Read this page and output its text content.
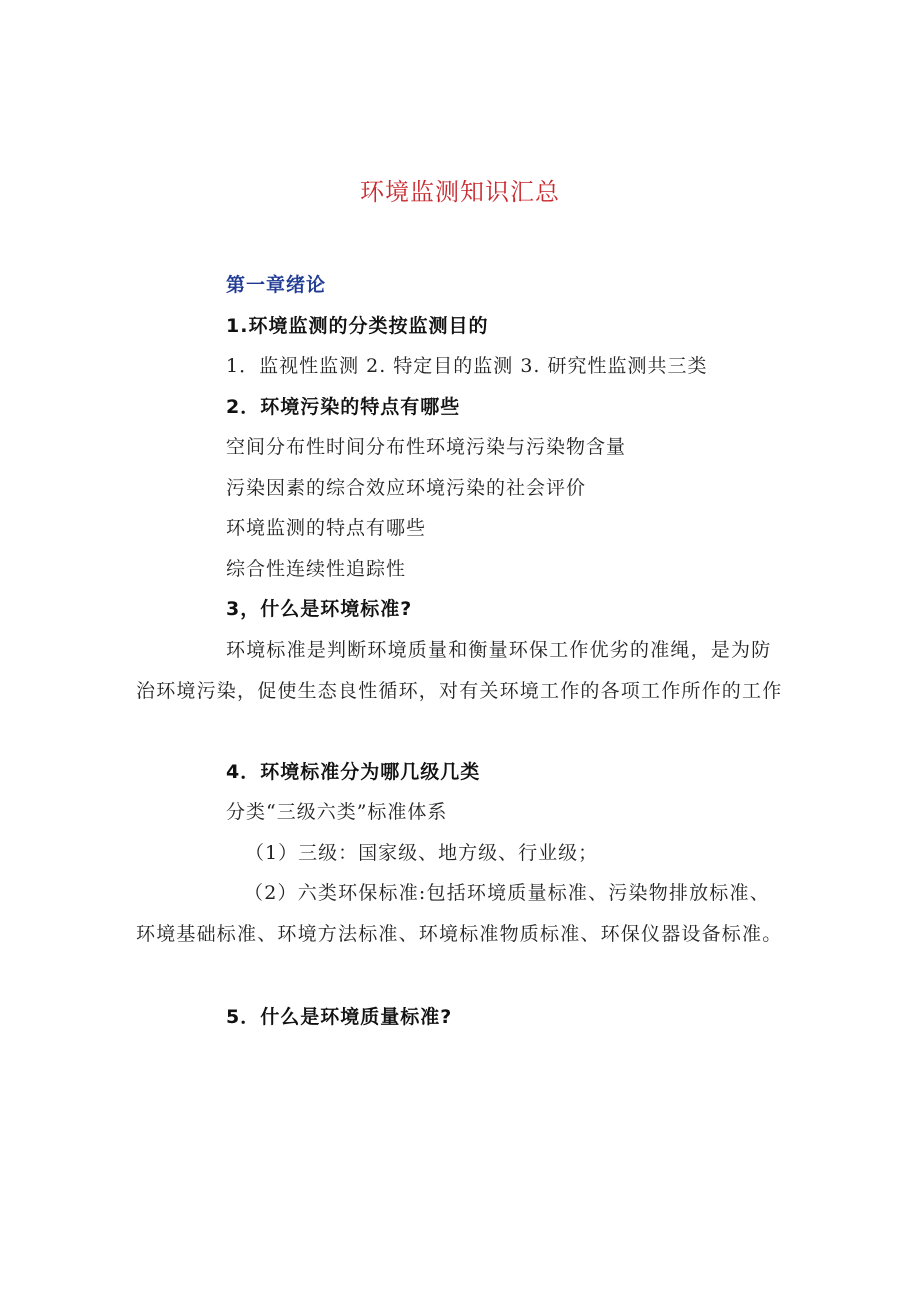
环境监测知识汇总
第一章绪论
1.环境监测的分类按监测目的
1．监视性监测 2. 特定目的监测 3. 研究性监测共三类
2．环境污染的特点有哪些
空间分布性时间分布性环境污染与污染物含量
污染因素的综合效应环境污染的社会评价
环境监测的特点有哪些
综合性连续性追踪性
3，什么是环境标准?
环境标准是判断环境质量和衡量环保工作优劣的准绳，是为防治环境污染，促使生态良性循环，对有关环境工作的各项工作所作的工作
4．环境标准分为哪几级几类
分类“三级六类”标准体系
（1）三级：国家级、地方级、行业级；
（2）六类环保标准:包括环境质量标准、污染物排放标准、环境基础标准、环境方法标准、环境标准物质标准、环保仪器设备标准。
5．什么是环境质量标准?
